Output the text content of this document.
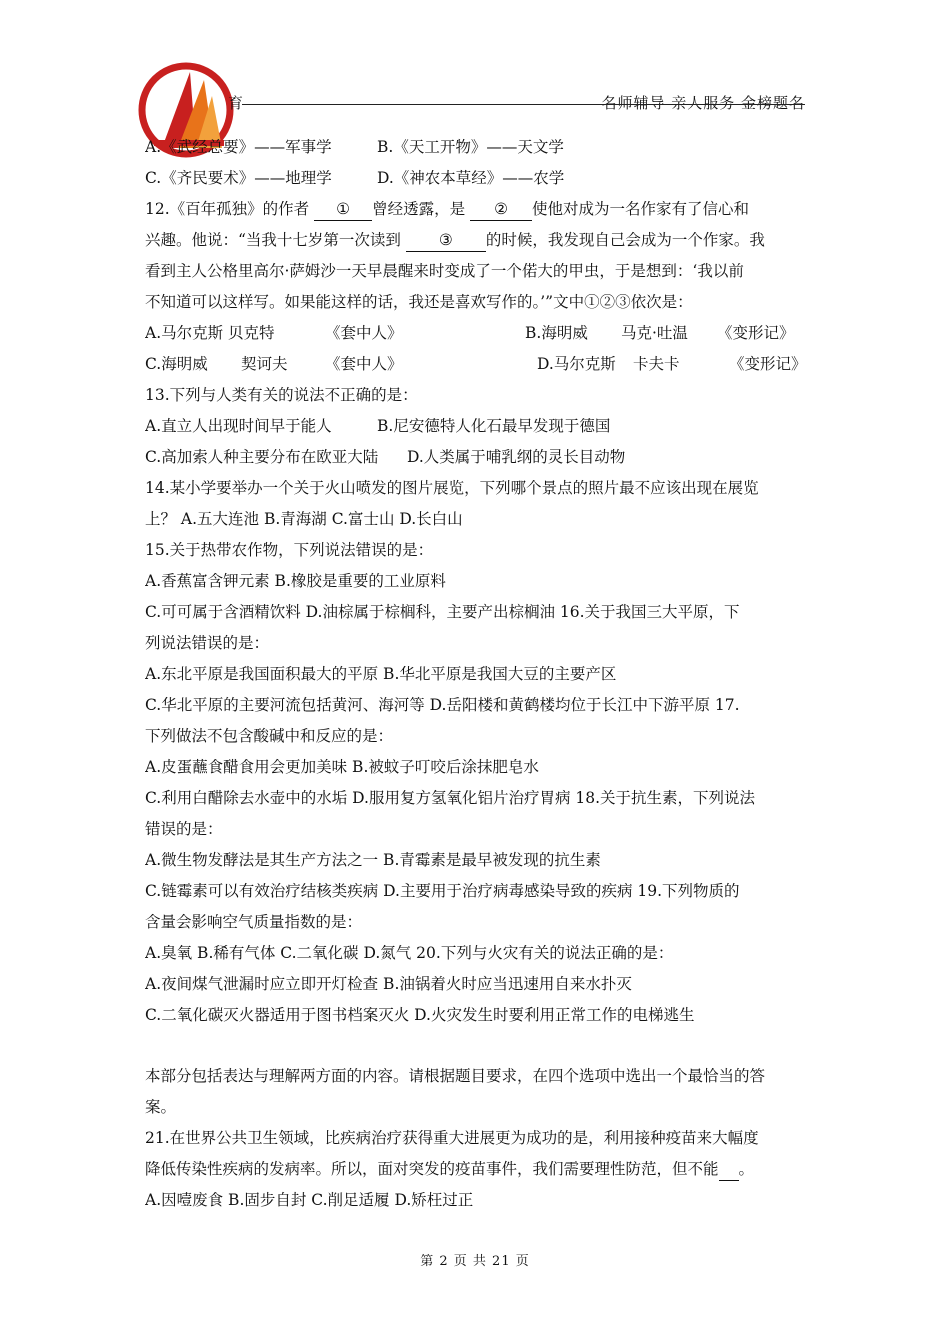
育	名师辅导 亲人服务 金榜题名
A.《武经总要》——军事学	B.《天工开物》——天文学
C.《齐民要术》——地理学	D.《神农本草经》——农学
12.《百年孤独》的作者 ① 曾经透露，是 ② 使他对成为一名作家有了信心和
兴趣。他说：“当我十七岁第一次读到 ③ 的时候，我发现自己会成为一个作家。我
看到主人公格里高尔·萨姆沙一天早晨醒来时变成了一个偌大的甲虫，于是想到：‘我以前
不知道可以这样写。如果能这样的话，我还是喜欢写作的。’”文中①②③依次是：
A.马尔克斯 贝克特	《套中人》	B.海明威 马克·吐温 《变形记》
C.海明威 契诃夫 《套中人》	D.马尔克斯 卡夫卡	《变形记》
13.下列与人类有关的说法不正确的是：
A.直立人出现时间早于能人	B.尼安德特人化石最早发现于德国
C.高加索人种主要分布在欧亚大陆 D.人类属于哺乳纲的灵长目动物
14.某小学要举办一个关于火山喷发的图片展览，下列哪个景点的照片最不应该出现在展览
上？ A.五大连池 B.青海湖 C.富士山 D.长白山
15.关于热带农作物，下列说法错误的是：
A.香蕉富含钾元素 B.橡胶是重要的工业原料
C.可可属于含酒精饮料 D.油棕属于棕榈科，主要产出棕榈油 16.关于我国三大平原，下
列说法错误的是：
A.东北平原是我国面积最大的平原 B.华北平原是我国大豆的主要产区
C.华北平原的主要河流包括黄河、海河等 D.岳阳楼和黄鹤楼均位于长江中下游平原 17.
下列做法不包含酸碱中和反应的是：
A.皮蛋蘸食醋食用会更加美味 B.被蚊子叮咬后涂抹肥皂水
C.利用白醋除去水壶中的水垢 D.服用复方氢氧化铝片治疗胃病 18.关于抗生素，下列说法
错误的是：
A.微生物发酵法是其生产方法之一 B.青霉素是最早被发现的抗生素
C.链霉素可以有效治疗结核类疾病 D.主要用于治疗病毒感染导致的疾病 19.下列物质的
含量会影响空气质量指数的是：
A.臭氧 B.稀有气体 C.二氧化碳 D.氮气 20.下列与火灾有关的说法正确的是：
A.夜间煤气泄漏时应立即开灯检查 B.油锅着火时应当迅速用自来水扑灭
C.二氧化碳灭火器适用于图书档案灭火 D.火灾发生时要利用正常工作的电梯逃生
本部分包括表达与理解两方面的内容。请根据题目要求，在四个选项中选出一个最恰当的答
案。
21.在世界公共卫生领域，比疾病治疗获得重大进展更为成功的是，利用接种疫苗来大幅度
降低传染性疾病的发病率。所以，面对突发的疫苗事件，我们需要理性防范，但不能 。
A.因噎废食 B.固步自封 C.削足适履 D.矫枉过正
第 2 页 共 21 页
